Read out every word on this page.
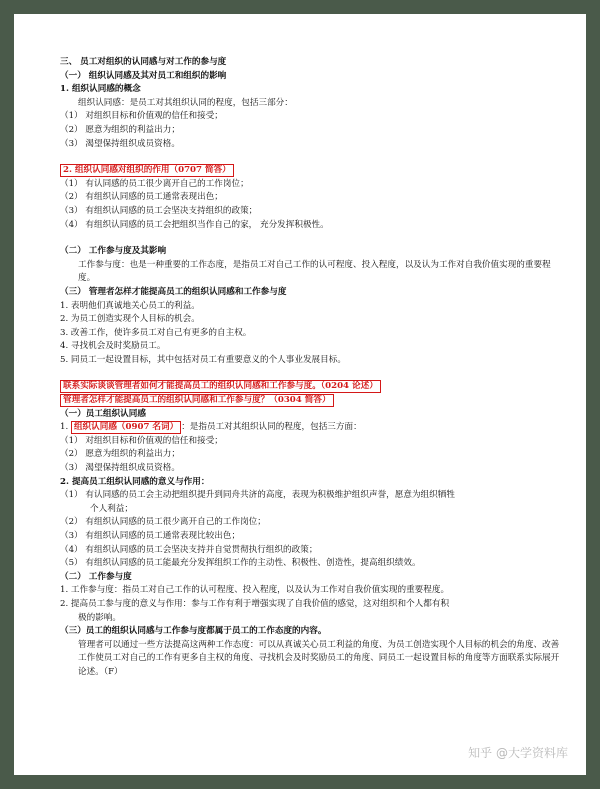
三、 员工对组织的认同感与对工作的参与度
（一） 组织认同感及其对员工和组织的影响
1. 组织认同感的概念
组织认同感：是员工对其组织认同的程度，包括三部分：
（1） 对组织目标和价值观的信任和接受；
（2） 愿意为组织的利益出力；
（3） 渴望保持组织成员资格。
2. 组织认同感对组织的作用（0707 简答）
（1） 有认同感的员工很少离开自己的工作岗位；
（2） 有组织认同感的员工通常表现出色；
（3） 有组织认同感的员工会坚决支持组织的政策；
（4） 有组织认同感的员工会把组织当作自己的家， 充分发挥积极性。
（二） 工作参与度及其影响
工作参与度：也是一种重要的工作态度，是指员工对自己工作的认可程度、投入程度，以及认为工作对自我价值实现的重要程度。
（三） 管理者怎样才能提高员工的组织认同感和工作参与度
1. 表明他们真诚地关心员工的利益。
2. 为员工创造实现个人目标的机会。
3. 改善工作，使许多员工对自己有更多的自主权。
4. 寻找机会及时奖励员工。
5. 同员工一起设置目标，其中包括对员工有重要意义的个人事业发展目标。
联系实际谈谈管理者如何才能提高员工的组织认同感和工作参与度。（0204 论述）
管理者怎样才能提高员工的组织认同感和工作参与度？（0304 简答）
（一）员工组织认同感
1. 组织认同感（0907 名词） ：是指员工对其组织认同的程度，包括三方面：
（1） 对组织目标和价值观的信任和接受；
（2） 愿意为组织的利益出力；
（3） 渴望保持组织成员资格。
2. 提高员工组织认同感的意义与作用：
（1） 有认同感的员工会主动把组织提升到同舟共济的高度，表现为积极维护组织声誉，愿意为组织牺牲
个人利益；
（2） 有组织认同感的员工很少离开自己的工作岗位；
（3） 有组织认同感的员工通常表现比较出色；
（4） 有组织认同感的员工会坚决支持并自觉贯彻执行组织的政策；
（5） 有组织认同感的员工能最充分发挥组织工作的主动性、积极性、创造性，提高组织绩效。
（二） 工作参与度
1. 工作参与度：指员工对自己工作的认可程度、投入程度，以及认为工作对自我价值实现的重要程度。
2. 提高员工参与度的意义与作用：参与工作有利于增强实现了自我价值的感觉，这对组织和个人都有积
极的影响。
（三）员工的组织认同感与工作参与度都属于员工的工作态度的内容。
管理者可以通过一些方法提高这两种工作态度：可以从真诚关心员工利益的角度、为员工创造实现个人目标的机会的角度、改善工作使员工对自己的工作有更多自主权的角度、寻找机会及时奖励员工的角度、同员工一起设置目标的角度等方面联系实际展开论述。（F）
知乎 @大学资料库
